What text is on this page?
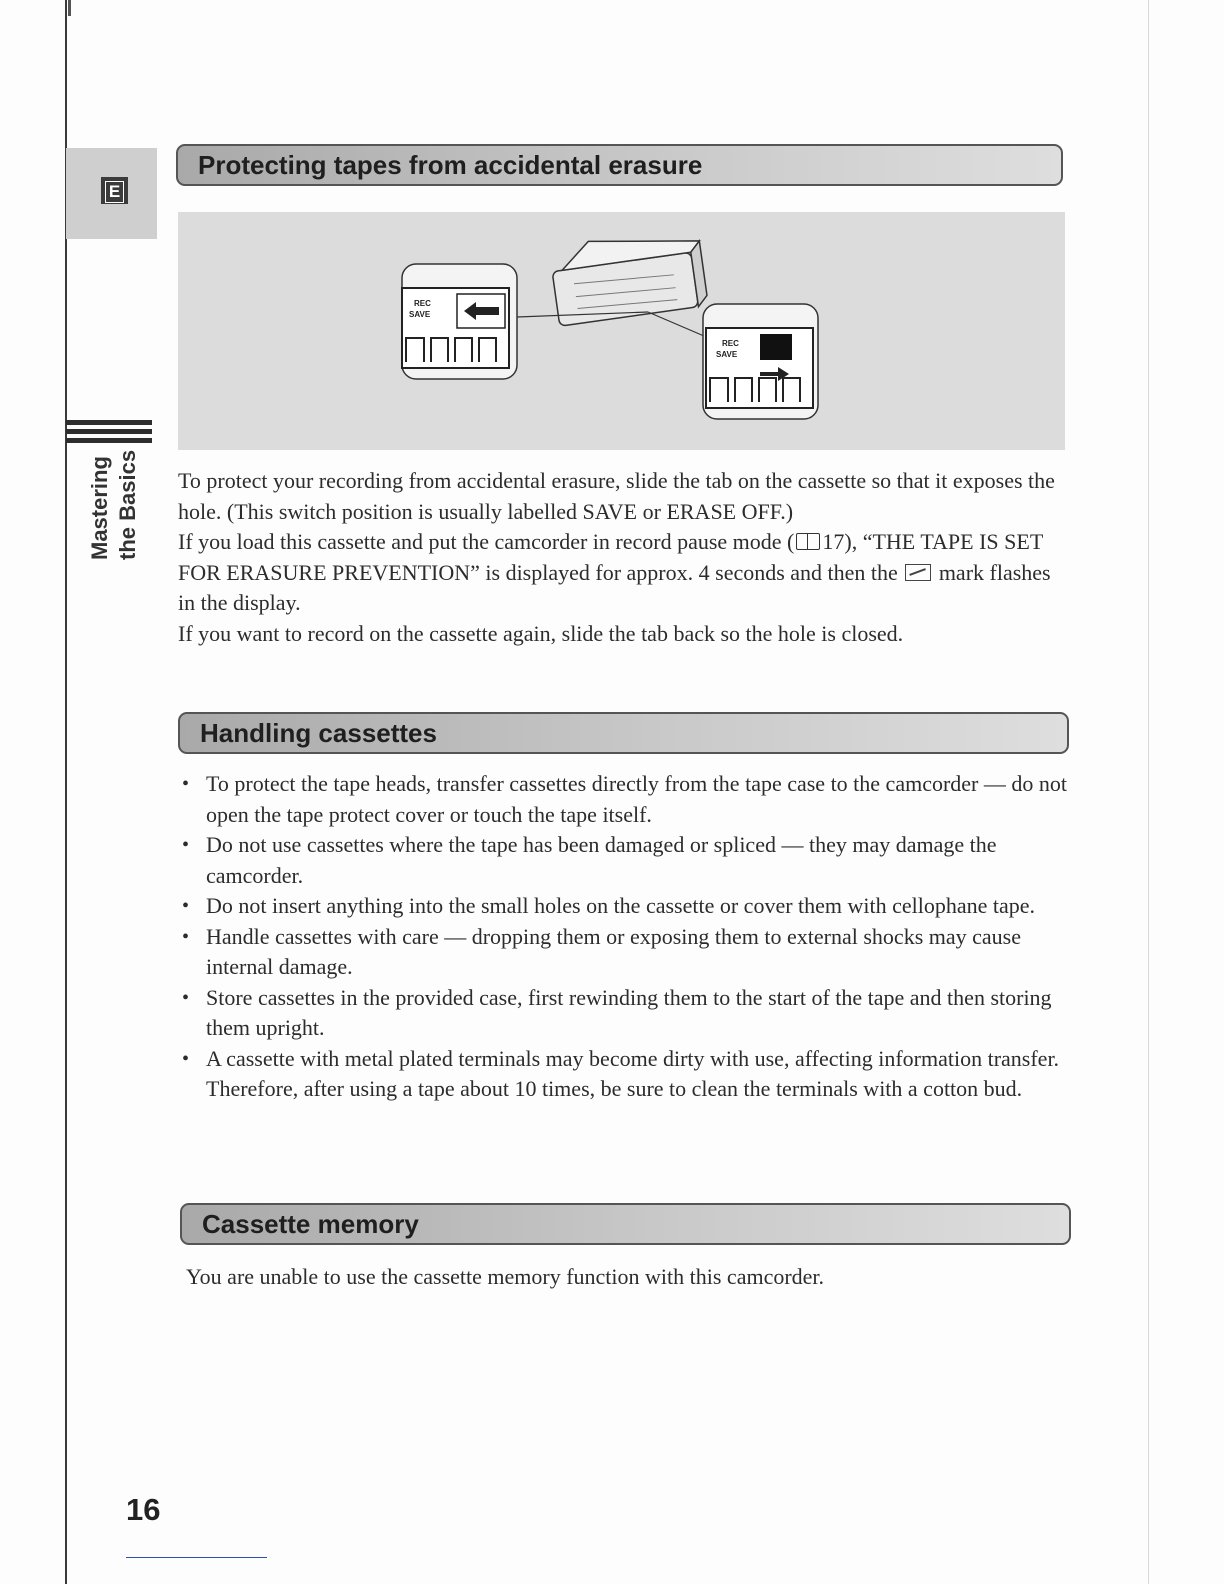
E
Mastering the Basics
Protecting tapes from accidental erasure
REC
SAVE
REC
SAVE

To protect your recording from accidental erasure, slide the tab on the cassette so that it exposes the hole. (This switch position is usually labelled SAVE or ERASE OFF.)

If you load this cassette and put the camcorder in record pause mode ( 17), “THE TAPE IS SET FOR ERASURE PREVENTION” is displayed for approx. 4 seconds and then the mark flashes in the display.

If you want to record on the cassette again, slide the tab back so the hole is closed.

Handling cassettes
• To protect the tape heads, transfer cassettes directly from the tape case to the camcorder — do not open the tape protect cover or touch the tape itself.
• Do not use cassettes where the tape has been damaged or spliced — they may damage the camcorder.
• Do not insert anything into the small holes on the cassette or cover them with cellophane tape.
• Handle cassettes with care — dropping them or exposing them to external shocks may cause internal damage.
• Store cassettes in the provided case, first rewinding them to the start of the tape and then storing them upright.
• A cassette with metal plated terminals may become dirty with use, affecting information transfer. Therefore, after using a tape about 10 times, be sure to clean the terminals with a cotton bud.
Cassette memory
You are unable to use the cassette memory function with this camcorder.
16
